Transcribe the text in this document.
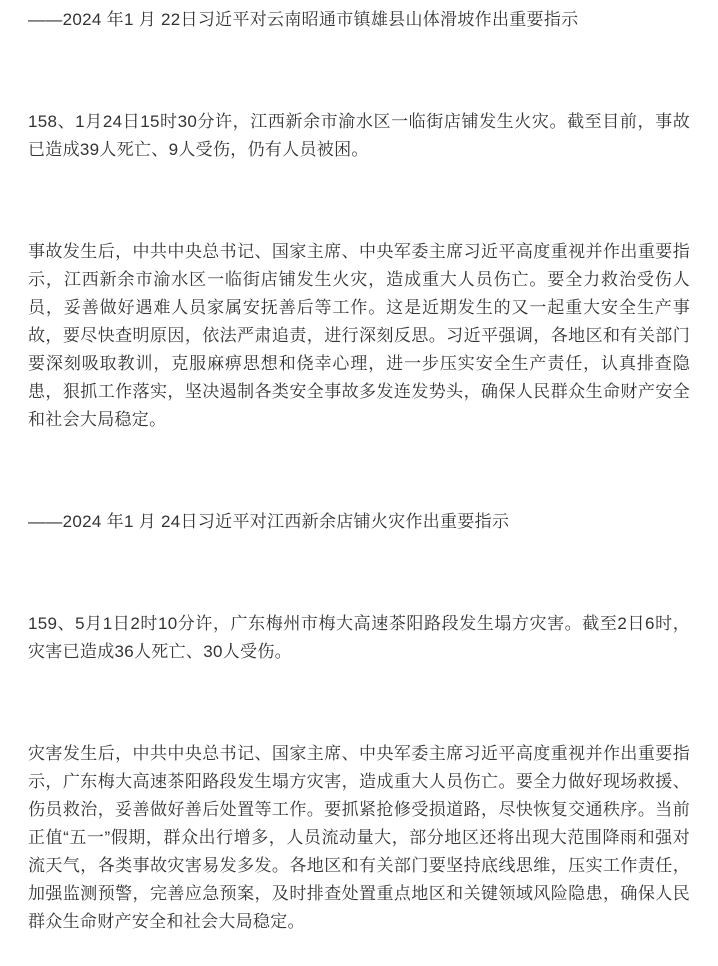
——2024 年1 月 22日习近平对云南昭通市镇雄县山体滑坡作出重要指示

158、1月24日15时30分许，江西新余市渝水区一临街店铺发生火灾。截至目前，事故已造成39人死亡、9人受伤，仍有人员被困。

事故发生后，中共中央总书记、国家主席、中央军委主席习近平高度重视并作出重要指示，江西新余市渝水区一临街店铺发生火灾，造成重大人员伤亡。要全力救治受伤人员，妥善做好遇难人员家属安抚善后等工作。这是近期发生的又一起重大安全生产事故，要尽快查明原因，依法严肃追责，进行深刻反思。习近平强调，各地区和有关部门要深刻吸取教训，克服麻痹思想和侥幸心理，进一步压实安全生产责任，认真排查隐患，狠抓工作落实，坚决遏制各类安全事故多发连发势头，确保人民群众生命财产安全和社会大局稳定。

——2024 年1 月 24日习近平对江西新余店铺火灾作出重要指示

159、5月1日2时10分许，广东梅州市梅大高速茶阳路段发生塌方灾害。截至2日6时，灾害已造成36人死亡、30人受伤。

灾害发生后，中共中央总书记、国家主席、中央军委主席习近平高度重视并作出重要指示，广东梅大高速茶阳路段发生塌方灾害，造成重大人员伤亡。要全力做好现场救援、伤员救治，妥善做好善后处置等工作。要抓紧抢修受损道路，尽快恢复交通秩序。当前正值“五一”假期，群众出行增多，人员流动量大，部分地区还将出现大范围降雨和强对流天气，各类事故灾害易发多发。各地区和有关部门要坚持底线思维，压实工作责任，加强监测预警，完善应急预案，及时排查处置重点地区和关键领域风险隐患，确保人民群众生命财产安全和社会大局稳定。
